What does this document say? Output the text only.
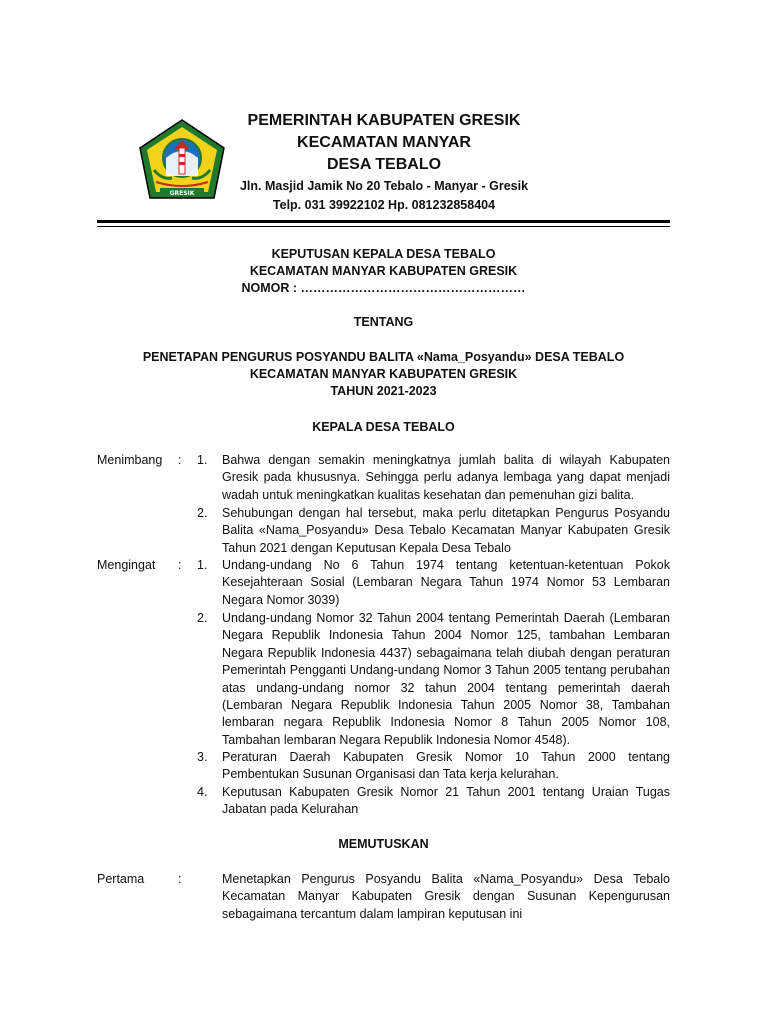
GRESIK
PEMERINTAH KABUPATEN GRESIK
KECAMATAN MANYAR
DESA TEBALO
Jln. Masjid Jamik No 20 Tebalo - Manyar - Gresik
Telp. 031 39922102 Hp. 081232858404
KEPUTUSAN KEPALA DESA TEBALO
KECAMATAN MANYAR KABUPATEN GRESIK
NOMOR : ………………………………………………
TENTANG
PENETAPAN PENGURUS POSYANDU BALITA «Nama_Posyandu» DESA TEBALO
KECAMATAN MANYAR KABUPATEN GRESIK
TAHUN 2021-2023
KEPALA DESA TEBALO
Menimbang : 1. Bahwa dengan semakin meningkatnya jumlah balita di wilayah Kabupaten Gresik pada khususnya. Sehingga perlu adanya lembaga yang dapat menjadi wadah untuk meningkatkan kualitas kesehatan dan pemenuhan gizi balita.
2. Sehubungan dengan hal tersebut, maka perlu ditetapkan Pengurus Posyandu Balita «Nama_Posyandu» Desa Tebalo Kecamatan Manyar Kabupaten Gresik Tahun 2021 dengan Keputusan Kepala Desa Tebalo
Mengingat	: 1. Undang-undang No 6 Tahun 1974 tentang ketentuan-ketentuan Pokok Kesejahteraan Sosial (Lembaran Negara Tahun 1974 Nomor 53 Lembaran Negara Nomor 3039)
2. Undang-undang Nomor 32 Tahun 2004 tentang Pemerintah Daerah (Lembaran Negara Republik Indonesia Tahun 2004 Nomor 125, tambahan Lembaran Negara Republik Indonesia 4437) sebagaimana telah diubah dengan peraturan Pemerintah Pengganti Undang-undang Nomor 3 Tahun 2005 tentang perubahan atas undang-undang nomor 32 tahun 2004 tentang pemerintah daerah (Lembaran Negara Republik Indonesia Tahun 2005 Nomor 38, Tambahan lembaran negara Republik Indonesia Nomor 8 Tahun 2005 Nomor 108, Tambahan lembaran Negara Republik Indonesia Nomor 4548).
3. Peraturan Daerah Kabupaten Gresik Nomor 10 Tahun 2000 tentang Pembentukan Susunan Organisasi dan Tata kerja kelurahan.
4. Keputusan Kabupaten Gresik Nomor 21 Tahun 2001 tentang Uraian Tugas Jabatan pada Kelurahan
MEMUTUSKAN
Pertama	:	Menetapkan Pengurus Posyandu Balita «Nama_Posyandu» Desa Tebalo Kecamatan Manyar Kabupaten Gresik dengan Susunan Kepengurusan sebagaimana tercantum dalam lampiran keputusan ini
